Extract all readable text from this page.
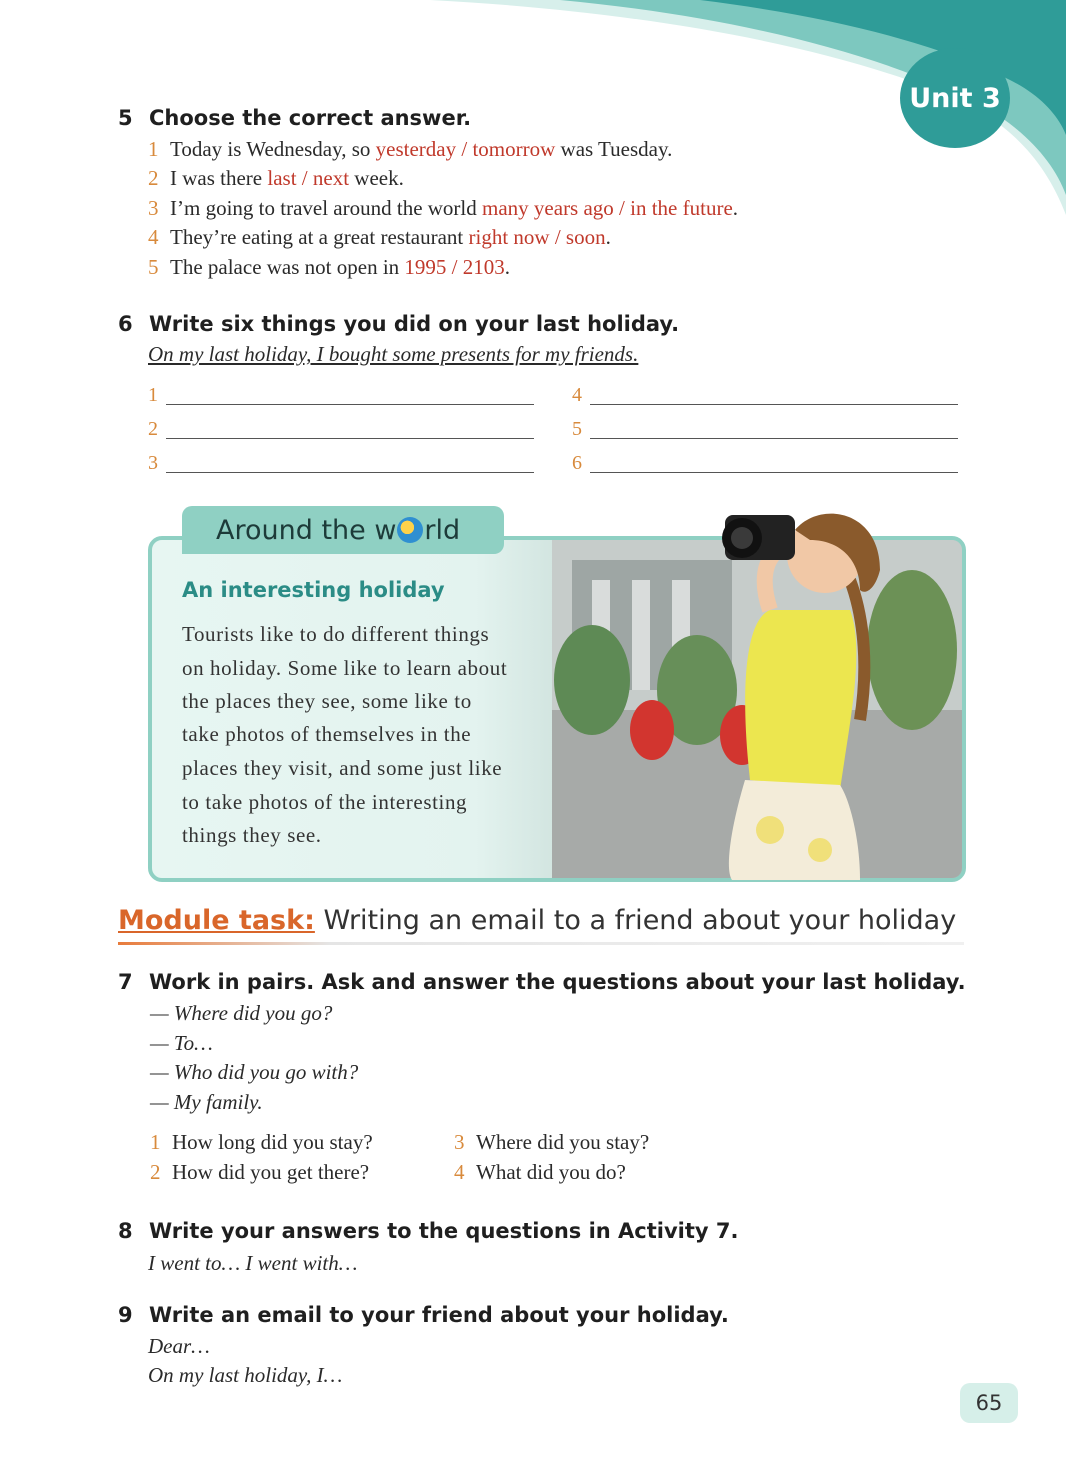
Unit 3
5 Choose the correct answer.
1 Today is Wednesday, so yesterday / tomorrow was Tuesday.
2 I was there last / next week.
3 I’m going to travel around the world many years ago / in the future.
4 They’re eating at a great restaurant right now / soon.
5 The palace was not open in 1995 / 2103.
6 Write six things you did on your last holiday.
On my last holiday, I bought some presents for my friends.
1
2
3
4
5
6
Around the w rld
An interesting holiday
Tourists like to do different things
on holiday. Some like to learn about
the places they see, some like to
take photos of themselves in the
places they visit, and some just like
to take photos of the interesting
things they see.
Module task: Writing an email to a friend about your holiday
7 Work in pairs. Ask and answer the questions about your last holiday.
— Where did you go?
— To…
— Who did you go with?
— My family.
1 How long did you stay?
2 How did you get there?
3 Where did you stay?
4 What did you do?
8 Write your answers to the questions in Activity 7.
I went to… I went with…
9 Write an email to your friend about your holiday.
Dear…
On my last holiday, I…
65
